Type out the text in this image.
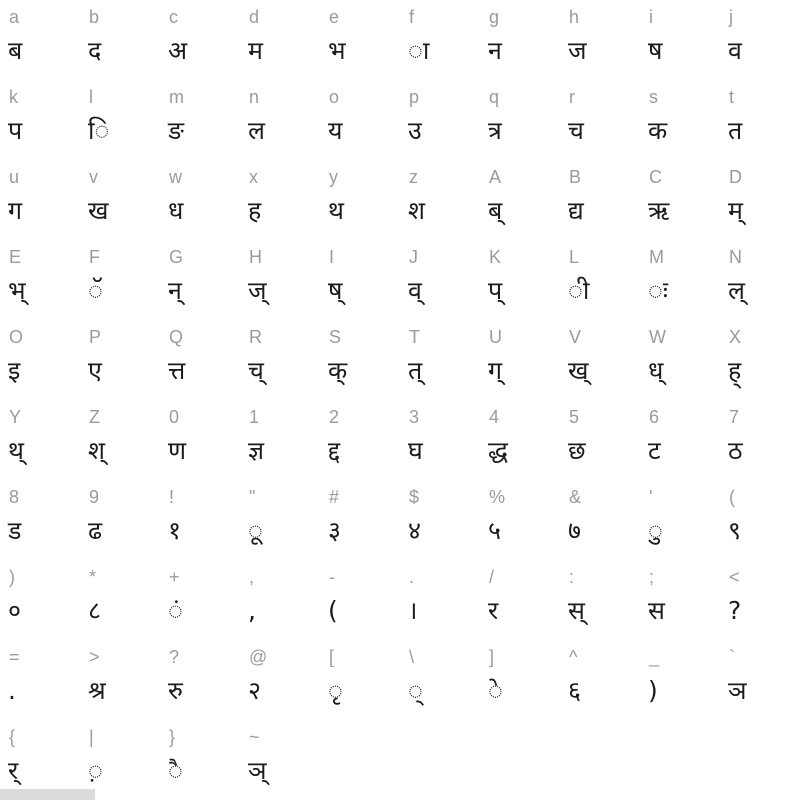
a
ब
b
द
c
अ
d
म
e
भ
f
ा
g
न
h
ज
i
ष
j
व
k
प
l
ि
m
ङ
n
ल
o
य
p
उ
q
त्र
r
च
s
क
t
त
u
ग
v
ख
w
ध
x
ह
y
थ
z
श
A
ब्
B
द्य
C
ऋ
D
म्
E
भ्
F
ॅ
G
न्
H
ज्
I
ष्
J
व्
K
प्
L
ी
M
ः
N
ल्
O
इ
P
ए
Q
त्त
R
च्
S
क्
T
त्
U
ग्
V
ख्
W
ध्
X
ह्
Y
थ्
Z
श्
0
ण
1
ज्ञ
2
द्द
3
घ
4
द्ध
5
छ
6
ट
7
ठ
8
ड
9
ढ
!
१
"
ू
#
३
$
४
%
५
&
७
'
ु
(
९
)
०
*
८
+
ं
,
,
-
(
.
।
/
र
:
स्
;
स
<
?
=
.
>
श्र
?
रु
@
२
[
ृ
\
्
]
े
^
६
_
)
`
ञ
{
र्
|
़
}
ै
~
ञ्
